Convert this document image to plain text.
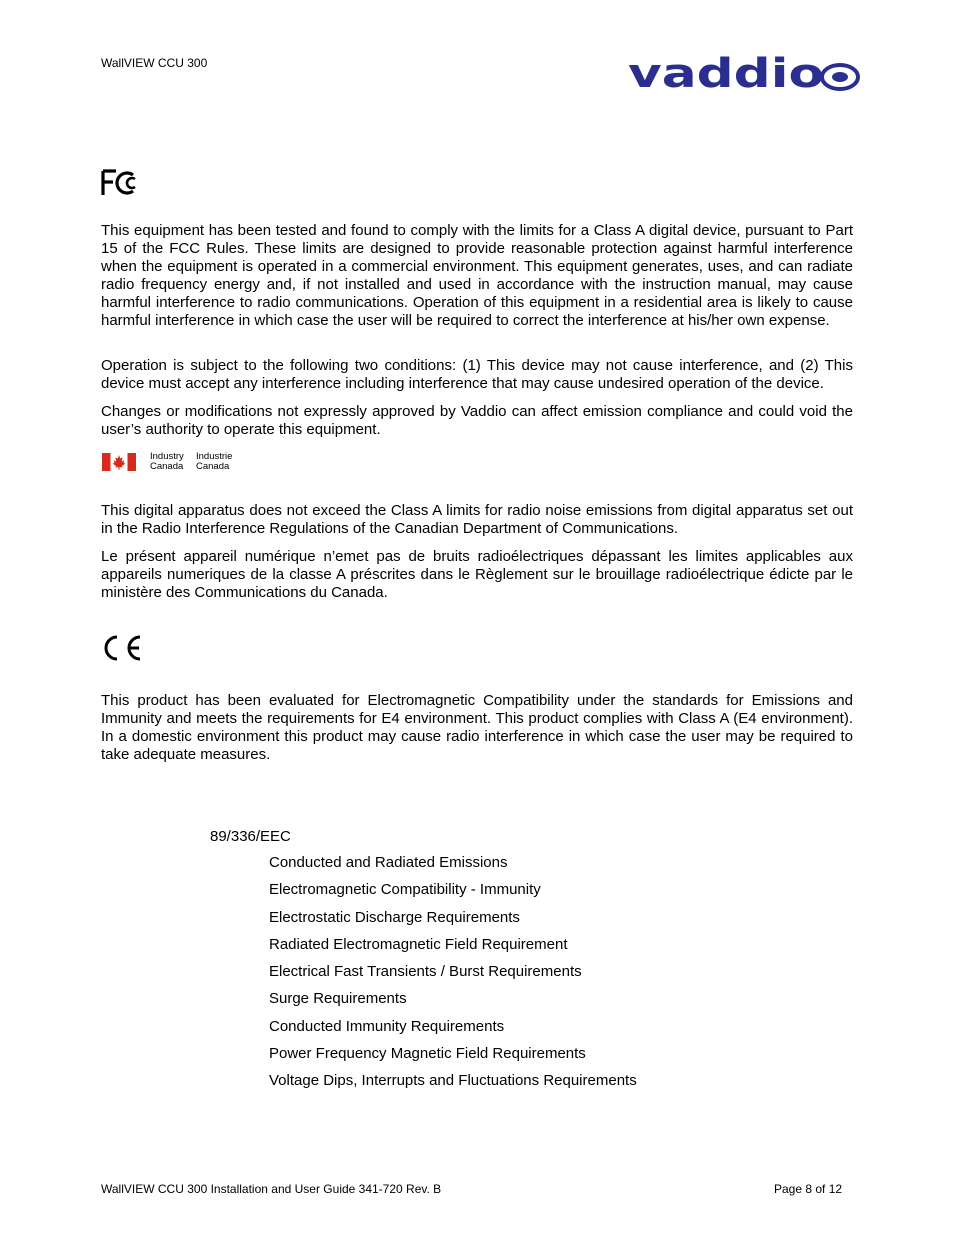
WallVIEW CCU 300	vaddio

This equipment has been tested and found to comply with the limits for a Class A digital device, pursuant to Part 15 of the FCC Rules. These limits are designed to provide reasonable protection against harmful interference when the equipment is operated in a commercial environment. This equipment generates, uses, and can radiate radio frequency energy and, if not installed and used in accordance with the instruction manual, may cause harmful interference to radio communications. Operation of this equipment in a residential area is likely to cause harmful interference in which case the user will be required to correct the interference at his/her own expense.

Operation is subject to the following two conditions: (1) This device may not cause interference, and (2) This device must accept any interference including interference that may cause undesired operation of the device.

Changes or modifications not expressly approved by Vaddio can affect emission compliance and could void the user’s authority to operate this equipment.

Industry
Canada
Industrie
Canada

This digital apparatus does not exceed the Class A limits for radio noise emissions from digital apparatus set out in the Radio Interference Regulations of the Canadian Department of Communications.

Le présent appareil numérique n’emet pas de bruits radioélectriques dépassant les limites applicables aux appareils numeriques de la classe A préscrites dans le Règlement sur le brouillage radioélectrique édicte par le ministère des Communications du Canada.

This product has been evaluated for Electromagnetic Compatibility under the standards for Emissions and Immunity and meets the requirements for E4 environment. This product complies with Class A (E4 environment). In a domestic environment this product may cause radio interference in which case the user may be required to take adequate measures.

89/336/EEC
Conducted and Radiated Emissions
Electromagnetic Compatibility - Immunity
Electrostatic Discharge Requirements
Radiated Electromagnetic Field Requirement
Electrical Fast Transients / Burst Requirements
Surge Requirements
Conducted Immunity Requirements
Power Frequency Magnetic Field Requirements
Voltage Dips, Interrupts and Fluctuations Requirements
WallVIEW CCU 300 Installation and User Guide 341-720 Rev. B	Page 8 of 12
